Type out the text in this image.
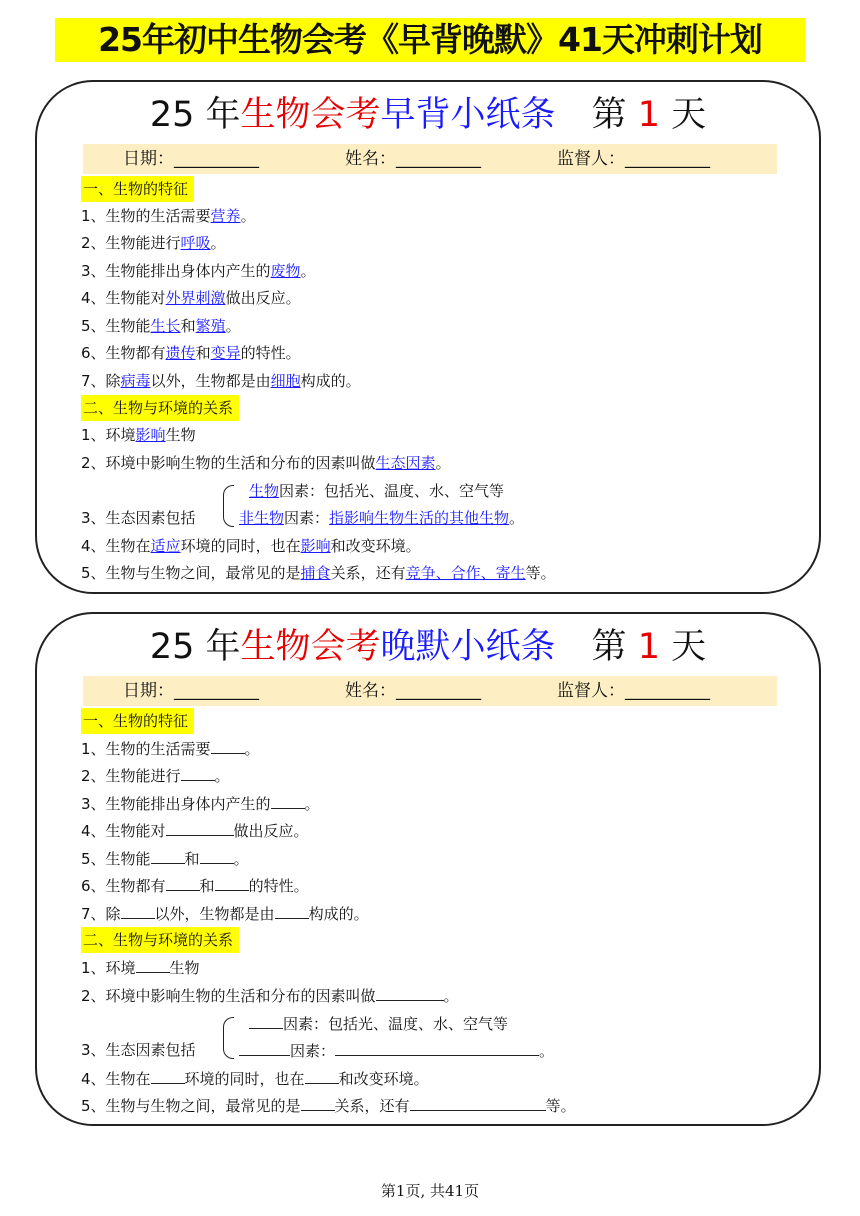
25年初中生物会考《早背晚默》41天冲刺计划
25 年生物会考早背小纸条 第 1 天
日期：__________	姓名：__________	监督人：__________
一、生物的特征
1、生物的生活需要营养。
2、生物能进行呼吸。
3、生物能排出身体内产生的废物。
4、生物能对外界刺激做出反应。
5、生物能生长和繁殖。
6、生物都有遗传和变异的特性。
7、除病毒以外，生物都是由细胞构成的。
二、生物与环境的关系
1、环境影响生物
2、环境中影响生物的生活和分布的因素叫做生态因素。
生物因素：包括光、温度、水、空气等
3、生态因素包括	非生物因素：指影响生物生活的其他生物。
4、生物在适应环境的同时，也在影响和改变环境。
5、生物与生物之间，最常见的是捕食关系，还有竞争、合作、寄生等。
25 年生物会考晚默小纸条 第 1 天
日期：__________	姓名：__________	监督人：__________
一、生物的特征
1、生物的生活需要 。
2、生物能进行 。
3、生物能排出身体内产生的 。
4、生物能对	做出反应。
5、生物能 和 。
6、生物都有 和 的特性。
7、除 以外，生物都是由 构成的。
二、生物与环境的关系
1、环境 生物
2、环境中影响生物的生活和分布的因素叫做	。
因素：包括光、温度、水、空气等
3、生态因素包括	因素：	。
4、生物在 环境的同时，也在 和改变环境。
5、生物与生物之间，最常见的是 关系，还有	等。
第1页, 共41页
